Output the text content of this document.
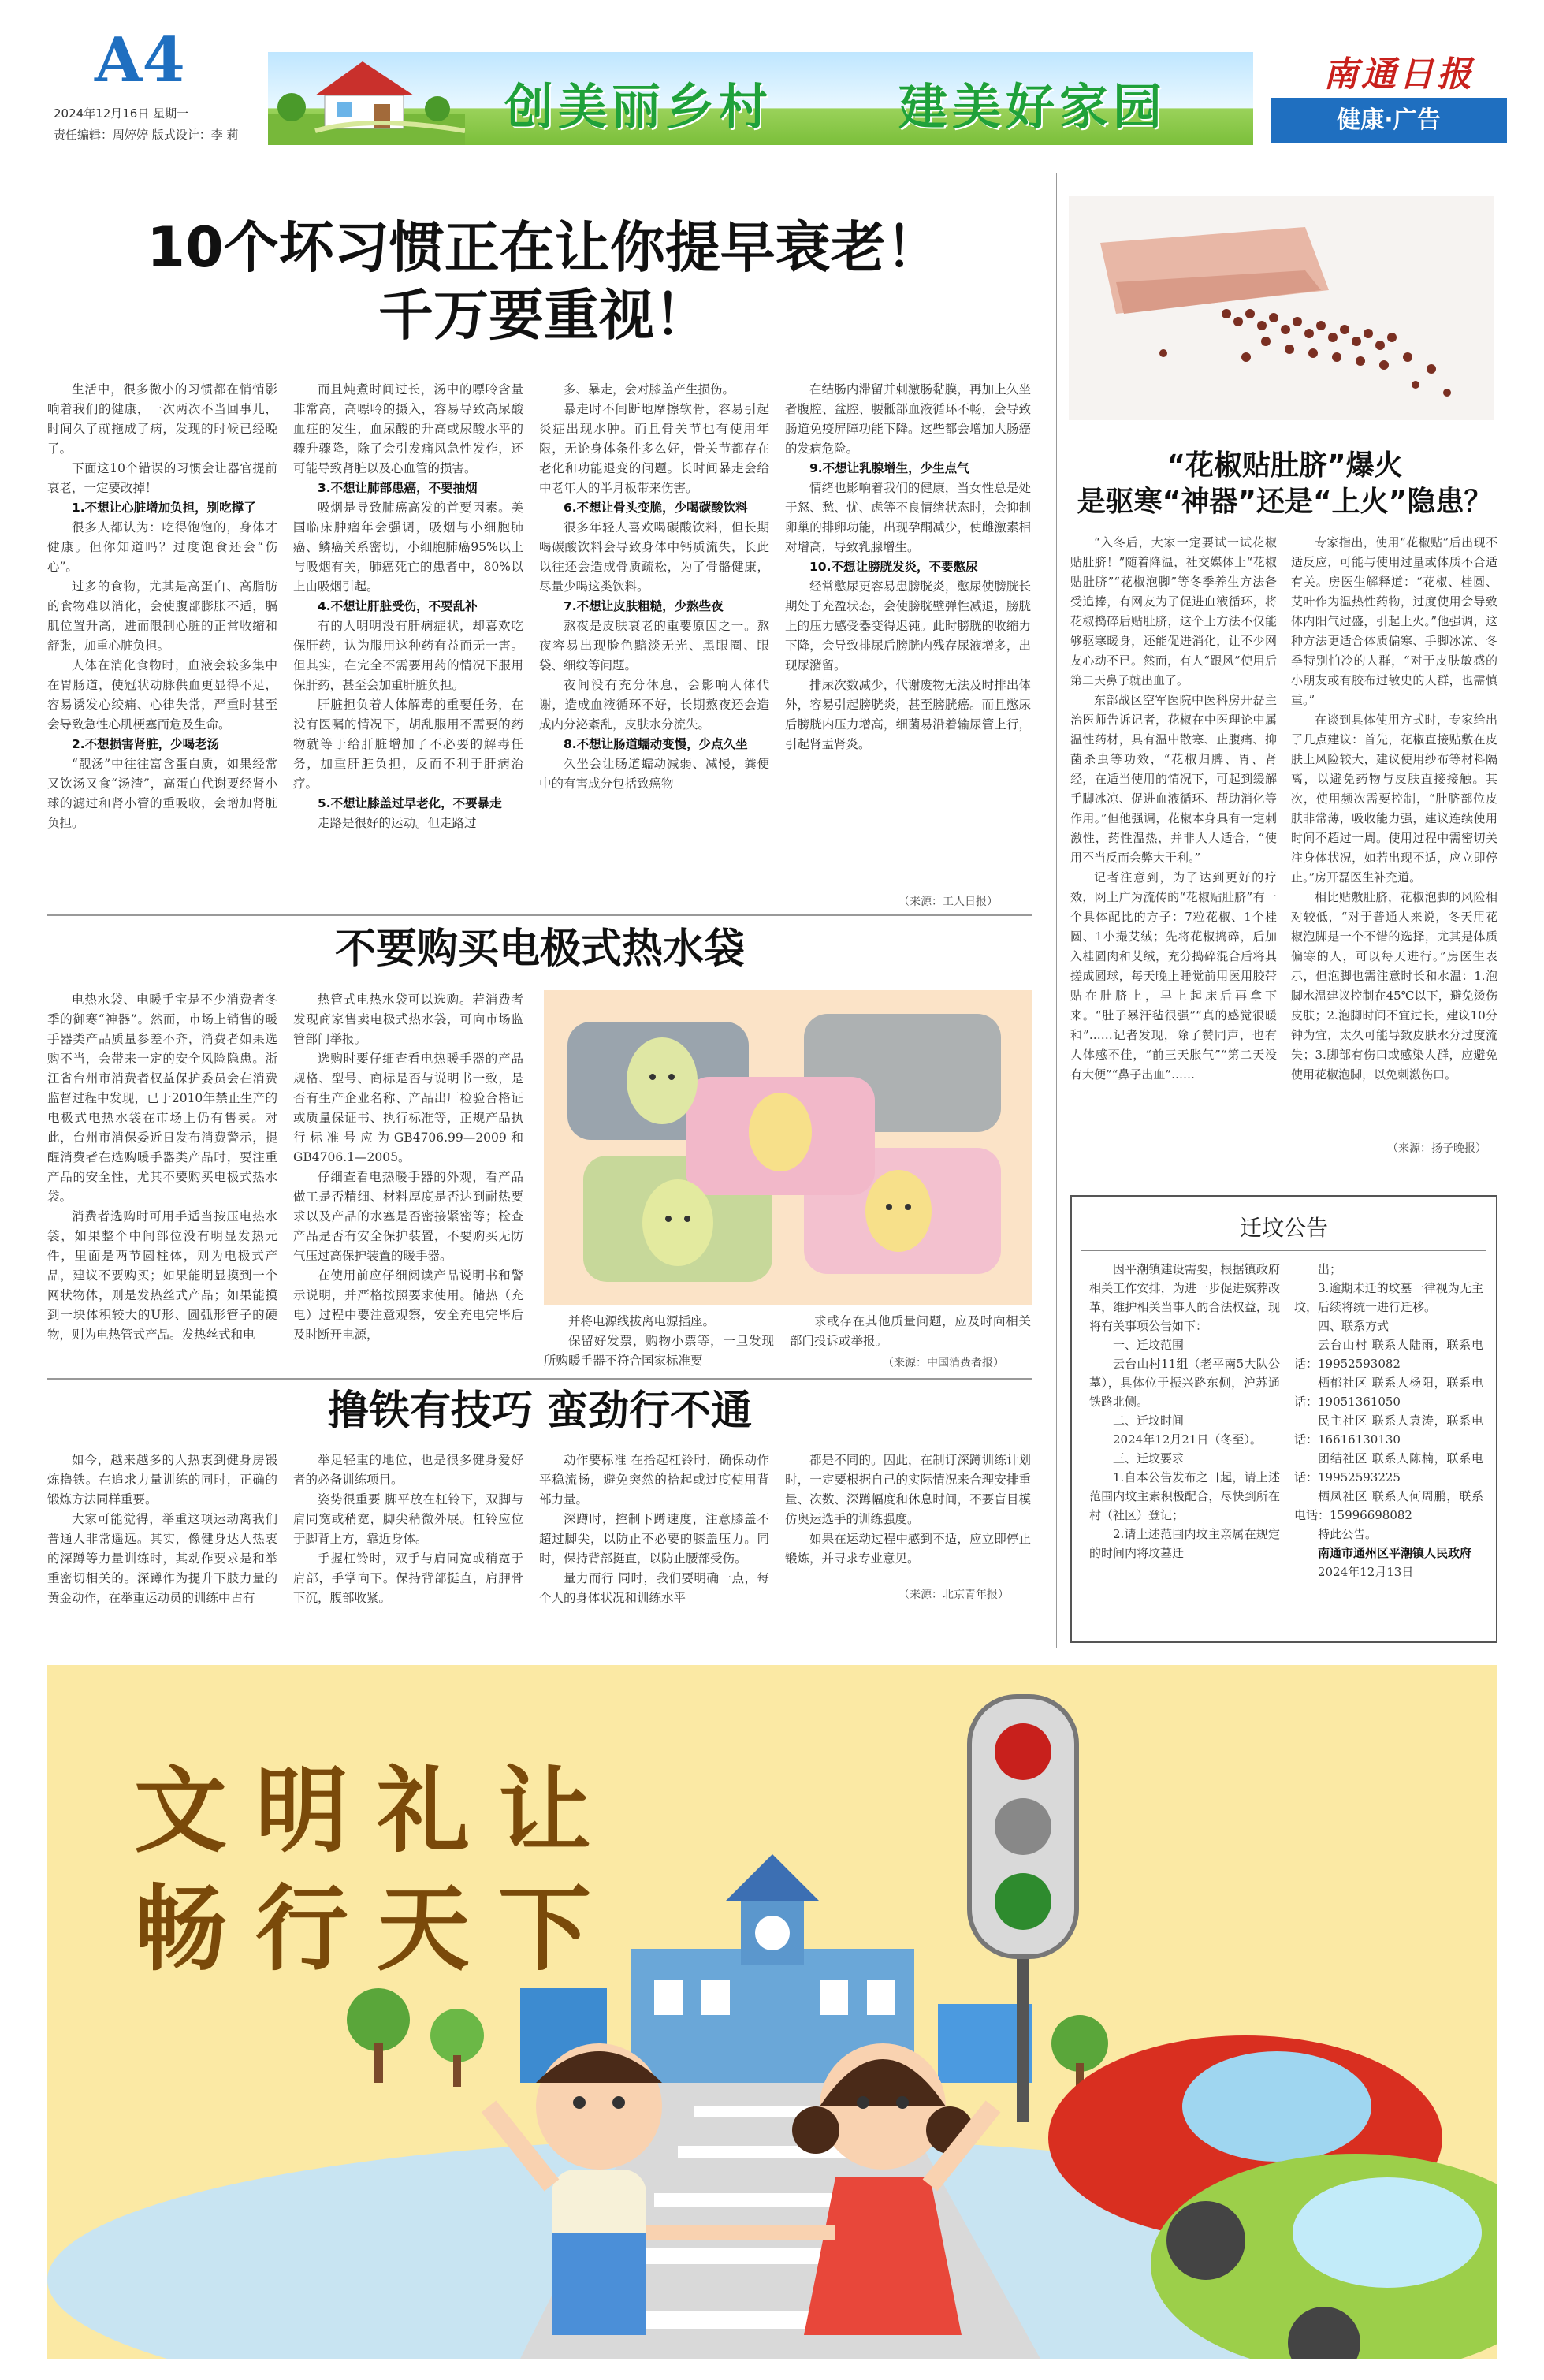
A4
2024年12月16日 星期一
责任编辑：周婷婷 版式设计：李 莉	创美丽乡村	建美好家园
南通日报
健康·广告
10个坏习惯正在让你提早衰老！
千万要重视！

生活中，很多微小的习惯都在悄悄影响着我们的健康，一次两次不当回事儿，时间久了就拖成了病，发现的时候已经晚了。

下面这10个错误的习惯会让器官提前衰老，一定要改掉！

1.不想让心脏增加负担，别吃撑了

很多人都认为：吃得饱饱的，身体才健康。但你知道吗？过度饱食还会“伤心”。

过多的食物，尤其是高蛋白、高脂肪的食物难以消化，会使腹部膨胀不适，膈肌位置升高，进而限制心脏的正常收缩和舒张，加重心脏负担。

人体在消化食物时，血液会较多集中在胃肠道，使冠状动脉供血更显得不足，容易诱发心绞痛、心律失常，严重时甚至会导致急性心肌梗塞而危及生命。

2.不想损害肾脏，少喝老汤

“靓汤”中往往富含蛋白质，如果经常又饮汤又食“汤渣”，高蛋白代谢要经肾小球的滤过和肾小管的重吸收，会增加肾脏负担。

而且炖煮时间过长，汤中的嘌呤含量非常高，高嘌呤的摄入，容易导致高尿酸血症的发生，血尿酸的升高或尿酸水平的骤升骤降，除了会引发痛风急性发作，还可能导致肾脏以及心血管的损害。

3.不想让肺部患癌，不要抽烟

吸烟是导致肺癌高发的首要因素。美国临床肿瘤年会强调，吸烟与小细胞肺癌、鳞癌关系密切，小细胞肺癌95%以上与吸烟有关，肺癌死亡的患者中，80%以上由吸烟引起。

4.不想让肝脏受伤，不要乱补

有的人明明没有肝病症状，却喜欢吃保肝药，认为服用这种药有益而无一害。但其实，在完全不需要用药的情况下服用保肝药，甚至会加重肝脏负担。

肝脏担负着人体解毒的重要任务，在没有医嘱的情况下，胡乱服用不需要的药物就等于给肝脏增加了不必要的解毒任务，加重肝脏负担，反而不利于肝病治疗。

5.不想让膝盖过早老化，不要暴走

走路是很好的运动。但走路过

多、暴走，会对膝盖产生损伤。

暴走时不间断地摩擦软骨，容易引起炎症出现水肿。而且骨关节也有使用年限，无论身体条件多么好，骨关节都存在老化和功能退变的问题。长时间暴走会给中老年人的半月板带来伤害。

6.不想让骨头变脆，少喝碳酸饮料

很多年轻人喜欢喝碳酸饮料，但长期喝碳酸饮料会导致身体中钙质流失，长此以往还会造成骨质疏松，为了骨骼健康，尽量少喝这类饮料。

7.不想让皮肤粗糙，少熬些夜

熬夜是皮肤衰老的重要原因之一。熬夜容易出现脸色黯淡无光、黑眼圈、眼袋、细纹等问题。

夜间没有充分休息，会影响人体代谢，造成血液循环不好，长期熬夜还会造成内分泌紊乱，皮肤水分流失。

8.不想让肠道蠕动变慢，少点久坐

久坐会让肠道蠕动减弱、减慢，粪便中的有害成分包括致癌物

在结肠内滞留并刺激肠黏膜，再加上久坐者腹腔、盆腔、腰骶部血液循环不畅，会导致肠道免疫屏障功能下降。这些都会增加大肠癌的发病危险。

9.不想让乳腺增生，少生点气

情绪也影响着我们的健康，当女性总是处于怒、愁、忧、虑等不良情绪状态时，会抑制卵巢的排卵功能，出现孕酮减少，使雌激素相对增高，导致乳腺增生。

10.不想让膀胱发炎，不要憋尿

经常憋尿更容易患膀胱炎，憋尿使膀胱长期处于充盈状态，会使膀胱壁弹性减退，膀胱上的压力感受器变得迟钝。此时膀胱的收缩力下降，会导致排尿后膀胱内残存尿液增多，出现尿潴留。

排尿次数减少，代谢废物无法及时排出体外，容易引起膀胱炎，甚至膀胱癌。而且憋尿后膀胱内压力增高，细菌易沿着输尿管上行，引起肾盂肾炎。

（来源：工人日报）
不要购买电极式热水袋

电热水袋、电暖手宝是不少消费者冬季的御寒“神器”。然而，市场上销售的暖手器类产品质量参差不齐，消费者如果选购不当，会带来一定的安全风险隐患。浙江省台州市消费者权益保护委员会在消费监督过程中发现，已于2010年禁止生产的电极式电热水袋在市场上仍有售卖。对此，台州市消保委近日发布消费警示，提醒消费者在选购暖手器类产品时，要注重产品的安全性，尤其不要购买电极式热水袋。

消费者选购时可用手适当按压电热水袋，如果整个中间部位没有明显发热元件，里面是两节圆柱体，则为电极式产品，建议不要购买；如果能明显摸到一个网状物体，则是发热丝式产品；如果能摸到一块体积较大的U形、圆弧形管子的硬物，则为电热管式产品。发热丝式和电

热管式电热水袋可以选购。若消费者发现商家售卖电极式热水袋，可向市场监管部门举报。

选购时要仔细查看电热暖手器的产品规格、型号、商标是否与说明书一致，是否有生产企业名称、产品出厂检验合格证或质量保证书、执行标准等，正规产品执行标准号应为GB4706.99—2009和GB4706.1—2005。

仔细查看电热暖手器的外观，看产品做工是否精细、材料厚度是否达到耐热要求以及产品的水塞是否密接紧密等；检查产品是否有安全保护装置，不要购买无防气压过高保护装置的暖手器。

在使用前应仔细阅读产品说明书和警示说明，并严格按照要求使用。储热（充电）过程中要注意观察，安全充电完毕后及时断开电源，

并将电源线拔离电源插座。

保留好发票，购物小票等，一旦发现所购暖手器不符合国家标准要

求或存在其他质量问题，应及时向相关部门投诉或举报。

（来源：中国消费者报）
撸铁有技巧 蛮劲行不通

如今，越来越多的人热衷到健身房锻炼撸铁。在追求力量训练的同时，正确的锻炼方法同样重要。

大家可能觉得，举重这项运动离我们普通人非常遥远。其实，像健身达人热衷的深蹲等力量训练时，其动作要求是和举重密切相关的。深蹲作为提升下肢力量的黄金动作，在举重运动员的训练中占有

举足轻重的地位，也是很多健身爱好者的必备训练项目。

姿势很重要 脚平放在杠铃下，双脚与肩同宽或稍宽，脚尖稍微外展。杠铃应位于脚背上方，靠近身体。

手握杠铃时，双手与肩同宽或稍宽于肩部，手掌向下。保持背部挺直，肩胛骨下沉，腹部收紧。

动作要标准 在拾起杠铃时，确保动作平稳流畅，避免突然的拾起或过度使用背部力量。

深蹲时，控制下蹲速度，注意膝盖不超过脚尖，以防止不必要的膝盖压力。同时，保持背部挺直，以防止腰部受伤。

量力而行 同时，我们要明确一点，每个人的身体状况和训练水平

都是不同的。因此，在制订深蹲训练计划时，一定要根据自己的实际情况来合理安排重量、次数、深蹲幅度和休息时间，不要盲目模仿奥运选手的训练强度。

如果在运动过程中感到不适，应立即停止锻炼，并寻求专业意见。

（来源：北京青年报）
“花椒贴肚脐”爆火
是驱寒“神器”还是“上火”隐患？

“入冬后，大家一定要试一试花椒贴肚脐！”随着降温，社交媒体上“花椒贴肚脐”“花椒泡脚”等冬季养生方法备受追捧，有网友为了促进血液循环，将花椒捣碎后贴肚脐，这个土方法不仅能够驱寒暖身，还能促进消化，让不少网友心动不已。然而，有人“跟风”使用后第二天鼻子就出血了。

东部战区空军医院中医科房开磊主治医师告诉记者，花椒在中医理论中属温性药材，具有温中散寒、止腹痛、抑菌杀虫等功效，“花椒归脾、胃、肾经，在适当使用的情况下，可起到缓解手脚冰凉、促进血液循环、帮助消化等作用。”但他强调，花椒本身具有一定刺激性，药性温热，并非人人适合，“使用不当反而会弊大于利。”

记者注意到，为了达到更好的疗效，网上广为流传的“花椒贴肚脐”有一个具体配比的方子：7粒花椒、1个桂圆、1小撮艾绒；先将花椒捣碎，后加入桂圆肉和艾绒，充分捣碎混合后将其搓成圆球，每天晚上睡觉前用医用胶带贴在肚脐上，早上起床后再拿下来。“肚子暴汗毡很强”“真的感觉很暖和”……记者发现，除了赞同声，也有人体感不佳，“前三天胀气”“第二天没有大便”“鼻子出血”……

专家指出，使用“花椒贴”后出现不适反应，可能与使用过量或体质不合适有关。房医生解释道：“花椒、桂圆、艾叶作为温热性药物，过度使用会导致体内阳气过盛，引起上火。”他强调，这种方法更适合体质偏寒、手脚冰凉、冬季特别怕冷的人群，“对于皮肤敏感的小朋友或有胶布过敏史的人群，也需慎重。”

在谈到具体使用方式时，专家给出了几点建议：首先，花椒直接贴敷在皮肤上风险较大，建议使用纱布等材料隔离，以避免药物与皮肤直接接触。其次，使用频次需要控制，“肚脐部位皮肤非常薄，吸收能力强，建议连续使用时间不超过一周。使用过程中需密切关注身体状况，如若出现不适，应立即停止。”房开磊医生补充道。

相比贴敷肚脐，花椒泡脚的风险相对较低，“对于普通人来说，冬天用花椒泡脚是一个不错的选择，尤其是体质偏寒的人，可以每天进行。”房医生表示，但泡脚也需注意时长和水温：1.泡脚水温建议控制在45℃以下，避免烫伤皮肤；2.泡脚时间不宜过长，建议10分钟为宜，太久可能导致皮肤水分过度流失；3.脚部有伤口或感染人群，应避免使用花椒泡脚，以免刺激伤口。

（来源：扬子晚报）
迁坟公告

因平潮镇建设需要，根据镇政府相关工作安排，为进一步促进殡葬改革，维护相关当事人的合法权益，现将有关事项公告如下：

一、迁坟范围

云台山村11组（老平南5大队公墓），具体位于振兴路东侧，沪苏通铁路北侧。

二、迁坟时间

2024年12月21日（冬至）。

三、迁坟要求

1.自本公告发布之日起，请上述范围内坟主素积极配合，尽快到所在村（社区）登记；

2.请上述范围内坟主亲属在规定的时间内将坟墓迁

出；

3.逾期未迁的坟墓一律视为无主坟，后续将统一进行迁移。

四、联系方式

云台山村 联系人陆雨，联系电话：19952593082

栖郁社区 联系人杨阳，联系电话：19051361050

民主社区 联系人袁涛，联系电话：16616130130

团结社区 联系人陈楠，联系电话：19952593225

栖凤社区 联系人何周鹏，联系电话：15996698082

特此公告。

南通市通州区平潮镇人民政府

2024年12月13日

文明礼让
畅行天下
